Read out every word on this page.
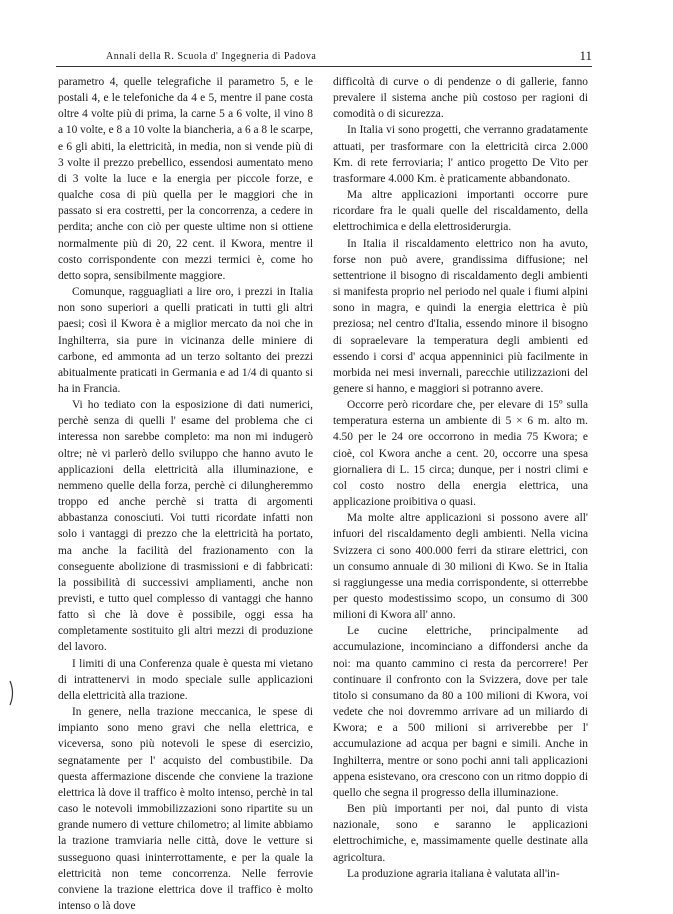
Annali della R. Scuola d' Ingegneria di Padova	11

parametro 4, quelle telegrafiche il parametro 5, e le postali 4, e le telefoniche da 4 e 5, mentre il pane costa oltre 4 volte più di prima, la carne 5 a 6 volte, il vino 8 a 10 volte, e 8 a 10 volte la biancheria, a 6 a 8 le scarpe, e 6 gli abiti, la elettricità, in media, non si vende più di 3 volte il prezzo prebellico, essendosi aumentato meno di 3 volte la luce e la energia per piccole forze, e qualche cosa di più quella per le maggiori che in passato si era costretti, per la concorrenza, a cedere in perdita; anche con ciò per queste ultime non si ottiene normalmente più di 20, 22 cent. il Kwora, mentre il costo corrispondente con mezzi termici è, come ho detto sopra, sensibilmente maggiore.

Comunque, ragguagliati a lire oro, i prezzi in Italia non sono superiori a quelli praticati in tutti gli altri paesi; così il Kwora è a miglior mercato da noi che in Inghilterra, sia pure in vicinanza delle miniere di carbone, ed ammonta ad un terzo soltanto dei prezzi abitualmente praticati in Germania e ad 1/4 di quanto si ha in Francia.

Vi ho tediato con la esposizione di dati numerici, perchè senza di quelli l' esame del problema che ci interessa non sarebbe completo: ma non mi indugerò oltre; nè vi parlerò dello sviluppo che hanno avuto le applicazioni della elettricità alla illuminazione, e nemmeno quelle della forza, perchè ci dilungheremmo troppo ed anche perchè si tratta di argomenti abbastanza conosciuti. Voi tutti ricordate infatti non solo i vantaggi di prezzo che la elettricità ha portato, ma anche la facilità del frazionamento con la conseguente abolizione di trasmissioni e di fabbricati: la possibilità di successivi ampliamenti, anche non previsti, e tutto quel complesso di vantaggi che hanno fatto sì che là dove è possibile, oggi essa ha completamente sostituito gli altri mezzi di produzione del lavoro.

I limiti di una Conferenza quale è questa mi vietano di intrattenervi in modo speciale sulle applicazioni della elettricità alla trazione.

In genere, nella trazione meccanica, le spese di impianto sono meno gravi che nella elettrica, e viceversa, sono più notevoli le spese di esercizio, segnatamente per l' acquisto del combustibile. Da questa affermazione discende che conviene la trazione elettrica là dove il traffico è molto intenso, perchè in tal caso le notevoli immobilizzazioni sono ripartite su un grande numero di vetture chilometro; al limite abbiamo la trazione tramviaria nelle città, dove le vetture si susseguono quasi ininterrottamente, e per la quale la elettricità non teme concorrenza. Nelle ferrovie conviene la trazione elettrica dove il traffico è molto intenso o là dove

difficoltà di curve o di pendenze o di gallerie, fanno prevalere il sistema anche più costoso per ragioni di comodità o di sicurezza.

In Italia vi sono progetti, che verranno gradatamente attuati, per trasformare con la elettricità circa 2.000 Km. di rete ferroviaria; l' antico progetto De Vito per trasformare 4.000 Km. è praticamente abbandonato.

Ma altre applicazioni importanti occorre pure ricordare fra le quali quelle del riscaldamento, della elettrochimica e della elettrosiderurgia.

In Italia il riscaldamento elettrico non ha avuto, forse non può avere, grandissima diffusione; nel settentrione il bisogno di riscaldamento degli ambienti si manifesta proprio nel periodo nel quale i fiumi alpini sono in magra, e quindi la energia elettrica è più preziosa; nel centro d'Italia, essendo minore il bisogno di sopraelevare la temperatura degli ambienti ed essendo i corsi d' acqua appenninici più facilmente in morbida nei mesi invernali, parecchie utilizzazioni del genere si hanno, e maggiori si potranno avere.

Occorre però ricordare che, per elevare di 15º sulla temperatura esterna un ambiente di 5 × 6 m. alto m. 4.50 per le 24 ore occorrono in media 75 Kwora; e cioè, col Kwora anche a cent. 20, occorre una spesa giornaliera di L. 15 circa; dunque, per i nostri climi e col costo nostro della energia elettrica, una applicazione proibitiva o quasi.

Ma molte altre applicazioni si possono avere all' infuori del riscaldamento degli ambienti. Nella vicina Svizzera ci sono 400.000 ferri da stirare elettrici, con un consumo annuale di 30 milioni di Kwo. Se in Italia si raggiungesse una media corrispondente, si otterrebbe per questo modestissimo scopo, un consumo di 300 milioni di Kwora all' anno.

Le cucine elettriche, principalmente ad accumulazione, incominciano a diffondersi anche da noi: ma quanto cammino ci resta da percorrere! Per continuare il confronto con la Svizzera, dove per tale titolo si consumano da 80 a 100 milioni di Kwora, voi vedete che noi dovremmo arrivare ad un miliardo di Kwora; e a 500 milioni si arriverebbe per l' accumulazione ad acqua per bagni e simili. Anche in Inghilterra, mentre or sono pochi anni tali applicazioni appena esistevano, ora crescono con un ritmo doppio di quello che segna il progresso della illuminazione.

Ben più importanti per noi, dal punto di vista nazionale, sono e saranno le applicazioni elettrochimiche, e, massimamente quelle destinate alla agricoltura.

La produzione agraria italiana è valutata all'in-
